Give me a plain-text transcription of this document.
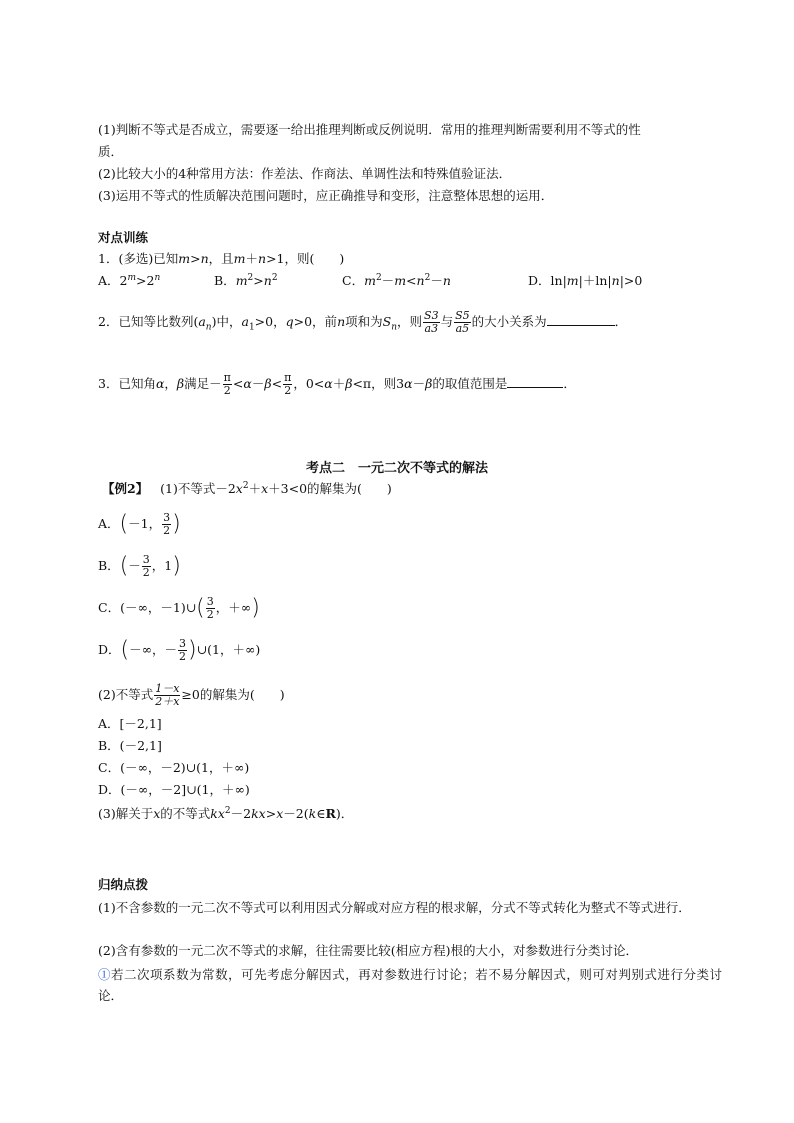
(1)判断不等式是否成立，需要逐一给出推理判断或反例说明．常用的推理判断需要利用不等式的性
质．
(2)比较大小的4种常用方法：作差法、作商法、单调性法和特殊值验证法．
(3)运用不等式的性质解决范围问题时，应正确推导和变形，注意整体思想的运用．
对点训练
1．(多选)已知m>n，且m＋n>1，则(　　)
A．$2^m>2^n$	B．$m^2>n^2$	C．$m^2-m<n^2-n$	D．ln|m|＋ln|n|>0
2．已知等比数列$(a_n)$中，$a_1>0$，q>0，前n项和为$S_n$，则 $\frac{S3}{a3}$ 与 $\frac{S5}{a5}$ 的大小关系为	．
3．已知角α，β满足－ $\frac{\pi}{2} <\alpha-\beta< \frac{\pi}{2}$ ，0<α＋β<π，则3α－β的取值范围是	．
考点二　一元二次不等式的解法
【例2】 (1)不等式$-2x^2+x+3<0$的解集为(　　)
A．(－1， $\frac{3}{2}$ )
B．(－ $\frac{3}{2}$ ，1)
C．(－∞，－1)∪( $\frac{3}{2}$ ，＋∞)
D．(－∞，－ $\frac{3}{2}$ )∪(1，＋∞)
(2)不等式 $\frac{1-x}{2+x} \ge 0$的解集为(　　)
A．[－2,1]
B．(－2,1]
C．(－∞，－2)∪(1，＋∞)
D．(－∞，－2]∪(1，＋∞)
(3)解关于x的不等式$kx^2-2kx>x-2(k\in R)$．
归纳点拨
(1)不含参数的一元二次不等式可以利用因式分解或对应方程的根求解，分式不等式转化为整式不等式进行．
(2)含有参数的一元二次不等式的求解，往往需要比较(相应方程)根的大小，对参数进行分类讨论．
①若二次项系数为常数，可先考虑分解因式，再对参数进行讨论；若不易分解因式，则可对判别式进行分类讨论．
